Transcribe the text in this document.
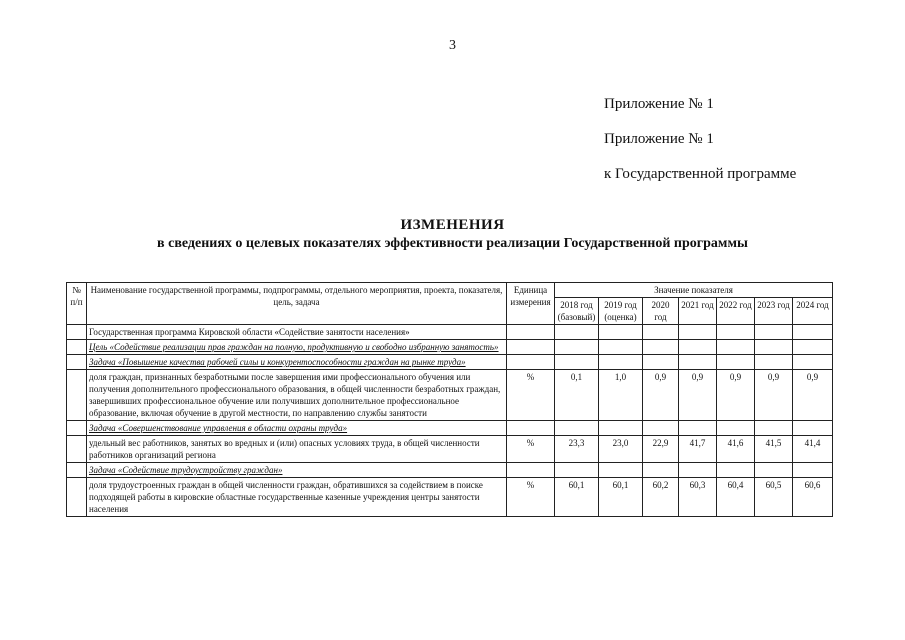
3
Приложение № 1
Приложение № 1
к Государственной программе
ИЗМЕНЕНИЯ
в сведениях о целевых показателях эффективности реализации Государственной программы
№ п/п	Наименование государственной программы, подпрограммы, отдельного мероприятия, проекта, показателя, цель, задача	Единица измерения	Значение показателя						
			2018 год (базовый)	2019 год (оценка)	2020 год	2021 год	2022 год	2023 год	2024 год
	Государственная программа Кировской области «Содействие занятости населения»								
	Цель «Содействие реализации прав граждан на полную, продуктивную и свободно избранную занятость»								
	Задача «Повышение качества рабочей силы и конкурентоспособности граждан на рынке труда»								
	доля граждан, признанных безработными после завершения ими профессионального обучения или получения дополнительного профессионального образования, в общей численности безработных граждан, завершивших профессиональное обучение или получивших дополнительное профессиональное образование, включая обучение в другой местности, по направлению службы занятости	%	0,1	1,0	0,9	0,9	0,9	0,9	0,9
	Задача «Совершенствование управления в области охраны труда»								
	удельный вес работников, занятых во вредных и (или) опасных условиях труда, в общей численности работников организаций региона	%	23,3	23,0	22,9	41,7	41,6	41,5	41,4
	Задача «Содействие трудоустройству граждан»								
	доля трудоустроенных граждан в общей численности граждан, обратившихся за содействием в поиске подходящей работы в кировские областные государственные казенные учреждения центры занятости населения	%	60,1	60,1	60,2	60,3	60,4	60,5	60,6
